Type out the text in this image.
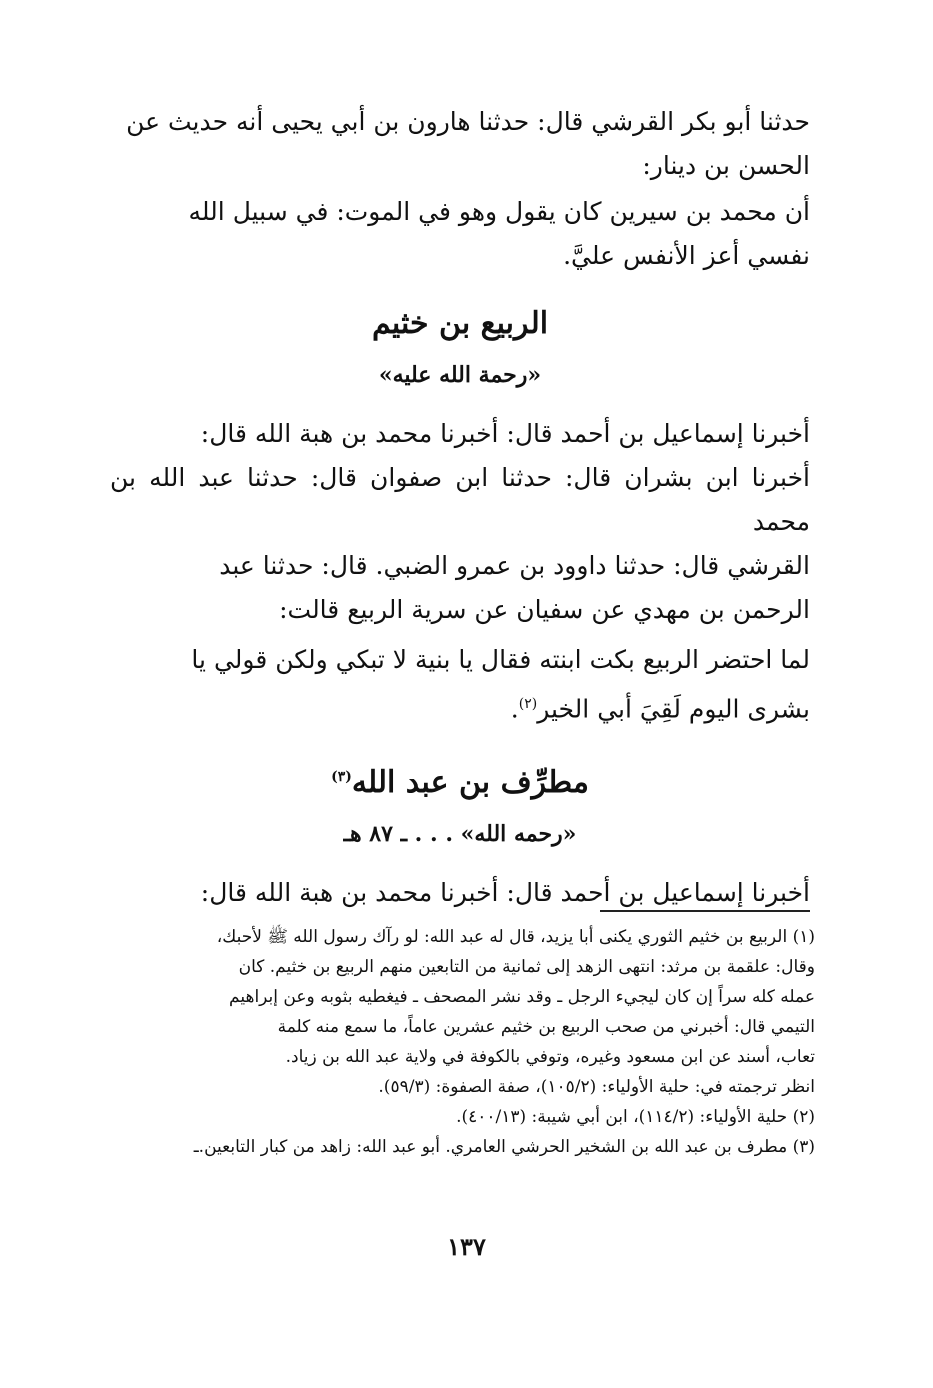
حدثنا أبو بكر القرشي قال: حدثنا هارون بن أبي يحيى أنه حديث عن
الحسن بن دينار:

أن محمد بن سيرين كان يقول وهو في الموت: في سبيل الله
نفسي أعز الأنفس عليَّ.

الربيع بن خثيم
«رحمة الله عليه»

أخبرنا إسماعيل بن أحمد قال: أخبرنا محمد بن هبة الله قال:
أخبرنا ابن بشران قال: حدثنا ابن صفوان قال: حدثنا عبد الله بن محمد
القرشي قال: حدثنا داوود بن عمرو الضبي. قال: حدثنا عبد
الرحمن بن مهدي عن سفيان عن سرية الربيع قالت:

لما احتضر الربيع بكت ابنته فقال يا بنية لا تبكي ولكن قولي يا
بشرى اليوم لَقِيَ أبي الخير$^{(٢)}$.

مطرِّف بن عبد الله$^{(٣)}$
«رحمه الله» . . . ـ ٨٧ هـ

أخبرنا إسماعيل بن أحمد قال: أخبرنا محمد بن هبة الله قال:

(١) الربيع بن خثيم الثوري يكنى أبا يزيد، قال له عبد الله: لو رآك رسول الله ﷺ لأحبك،
وقال: علقمة بن مرثد: انتهى الزهد إلى ثمانية من التابعين منهم الربيع بن خثيم. كان
عمله كله سراً إن كان ليجيء الرجل ـ وقد نشر المصحف ـ فيغطيه بثوبه وعن إبراهيم
التيمي قال: أخبرني من صحب الربيع بن خثيم عشرين عاماً، ما سمع منه كلمة
تعاب، أسند عن ابن مسعود وغيره، وتوفي بالكوفة في ولاية عبد الله بن زياد.
انظر ترجمته في: حلية الأولياء: (١٠٥/٢)، صفة الصفوة: (٥٩/٣).
(٢) حلية الأولياء: (١١٤/٢)، ابن أبي شيبة: (٤٠٠/١٣).
(٣) مطرف بن عبد الله بن الشخير الحرشي العامري. أبو عبد الله: زاهد من كبار التابعين.ـ
١٣٧
